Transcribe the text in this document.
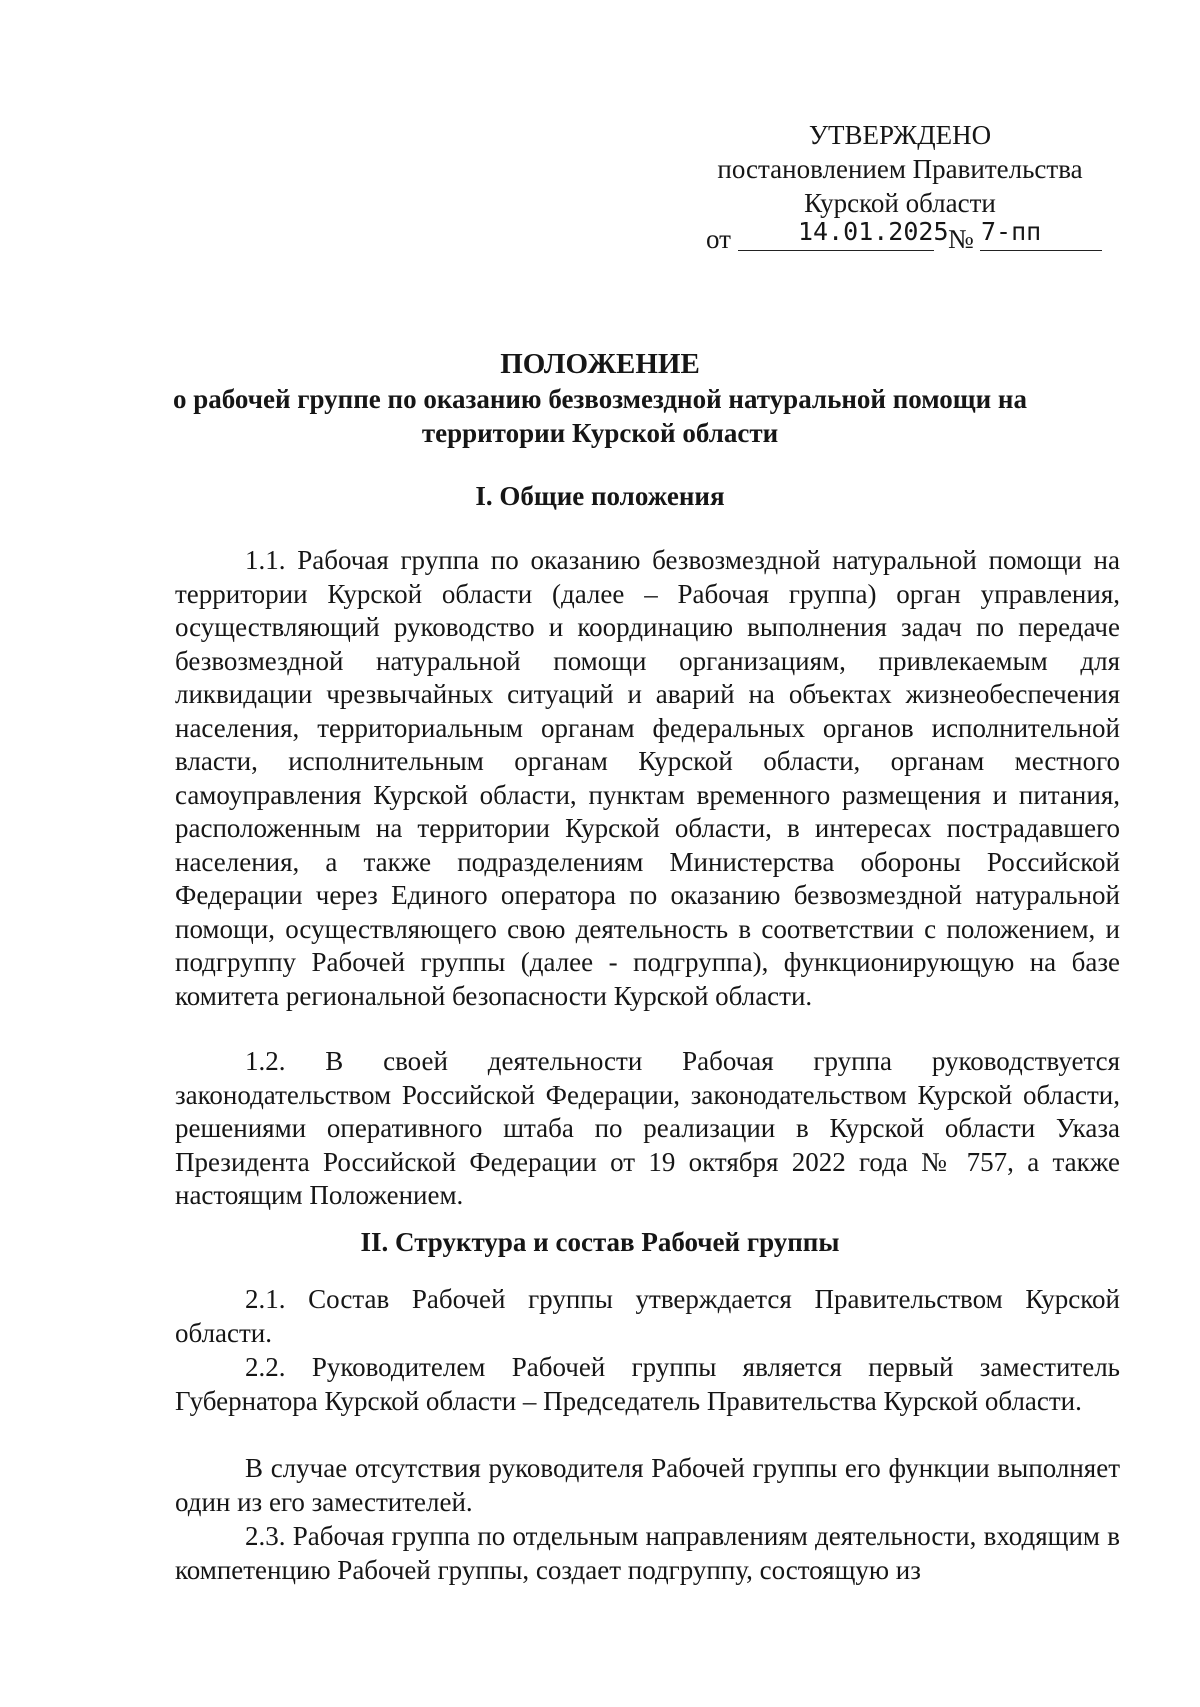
УТВЕРЖДЕНО
постановлением Правительства
Курской области
от	14.01.2025 № 7-пп
ПОЛОЖЕНИЕ
о рабочей группе по оказанию безвозмездной натуральной помощи на территории Курской области
I. Общие положения

1.1. Рабочая группа по оказанию безвозмездной натуральной помощи на территории Курской области (далее – Рабочая группа) орган управления, осуществляющий руководство и координацию выполнения задач по передаче безвозмездной натуральной помощи организациям, привлекаемым для ликвидации чрезвычайных ситуаций и аварий на объектах жизнеобеспечения населения, территориальным органам федеральных органов исполнительной власти, исполнительным органам Курской области, органам местного самоуправления Курской области, пунктам временного размещения и питания, расположенным на территории Курской области, в интересах пострадавшего населения, а также подразделениям Министерства обороны Российской Федерации через Единого оператора по оказанию безвозмездной натуральной помощи, осуществляющего свою деятельность в соответствии с положением, и подгруппу Рабочей группы (далее - подгруппа), функционирующую на базе комитета региональной безопасности Курской области.

1.2. В своей деятельности Рабочая группа руководствуется законодательством Российской Федерации, законодательством Курской области, решениями оперативного штаба по реализации в Курской области Указа Президента Российской Федерации от 19 октября 2022 года № 757, а также настоящим Положением.

II. Структура и состав Рабочей группы

2.1. Состав Рабочей группы утверждается Правительством Курской области.

2.2. Руководителем Рабочей группы является первый заместитель Губернатора Курской области – Председатель Правительства Курской области.

В случае отсутствия руководителя Рабочей группы его функции выполняет один из его заместителей.

2.3. Рабочая группа по отдельным направлениям деятельности, входящим в компетенцию Рабочей группы, создает подгруппу, состоящую из
